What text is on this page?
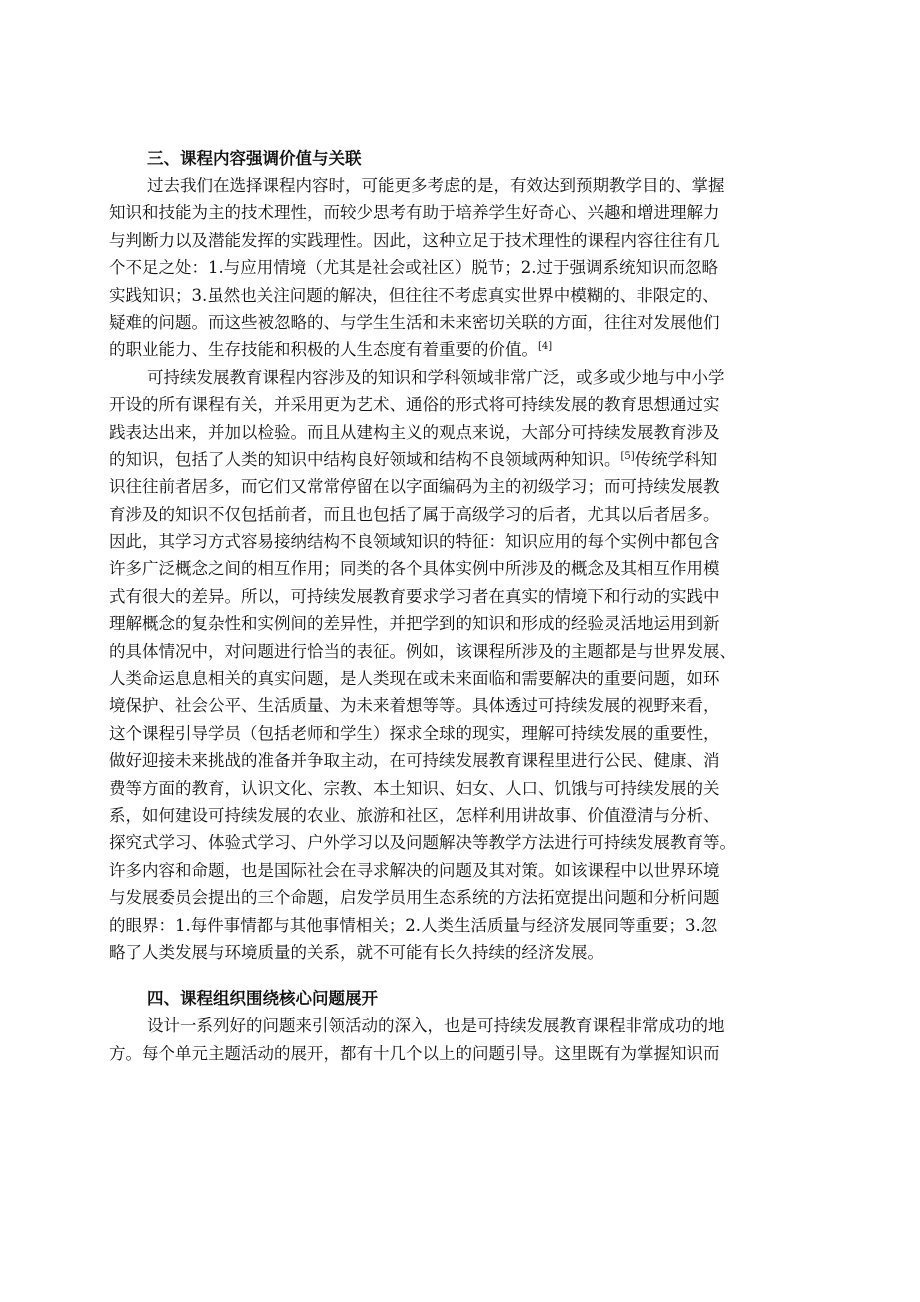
三、课程内容强调价值与关联

过去我们在选择课程内容时，可能更多考虑的是，有效达到预期教学目的、掌握
知识和技能为主的技术理性，而较少思考有助于培养学生好奇心、兴趣和增进理解力
与判断力以及潜能发挥的实践理性。因此，这种立足于技术理性的课程内容往往有几
个不足之处：1.与应用情境（尤其是社会或社区）脱节；2.过于强调系统知识而忽略
实践知识；3.虽然也关注问题的解决，但往往不考虑真实世界中模糊的、非限定的、
疑难的问题。而这些被忽略的、与学生生活和未来密切关联的方面，往往对发展他们
的职业能力、生存技能和积极的人生态度有着重要的价值。[4]

可持续发展教育课程内容涉及的知识和学科领域非常广泛，或多或少地与中小学
开设的所有课程有关，并采用更为艺术、通俗的形式将可持续发展的教育思想通过实
践表达出来，并加以检验。而且从建构主义的观点来说，大部分可持续发展教育涉及
的知识，包括了人类的知识中结构良好领域和结构不良领域两种知识。[5]传统学科知
识往往前者居多，而它们又常常停留在以字面编码为主的初级学习；而可持续发展教
育涉及的知识不仅包括前者，而且也包括了属于高级学习的后者，尤其以后者居多。
因此，其学习方式容易接纳结构不良领域知识的特征：知识应用的每个实例中都包含
许多广泛概念之间的相互作用；同类的各个具体实例中所涉及的概念及其相互作用模
式有很大的差异。所以，可持续发展教育要求学习者在真实的情境下和行动的实践中
理解概念的复杂性和实例间的差异性，并把学到的知识和形成的经验灵活地运用到新
的具体情况中，对问题进行恰当的表征。例如，该课程所涉及的主题都是与世界发展、
人类命运息息相关的真实问题，是人类现在或未来面临和需要解决的重要问题，如环
境保护、社会公平、生活质量、为未来着想等等。具体透过可持续发展的视野来看，
这个课程引导学员（包括老师和学生）探求全球的现实，理解可持续发展的重要性，
做好迎接未来挑战的准备并争取主动，在可持续发展教育课程里进行公民、健康、消
费等方面的教育，认识文化、宗教、本土知识、妇女、人口、饥饿与可持续发展的关
系，如何建设可持续发展的农业、旅游和社区，怎样利用讲故事、价值澄清与分析、
探究式学习、体验式学习、户外学习以及问题解决等教学方法进行可持续发展教育等。
许多内容和命题，也是国际社会在寻求解决的问题及其对策。如该课程中以世界环境
与发展委员会提出的三个命题，启发学员用生态系统的方法拓宽提出问题和分析问题
的眼界：1.每件事情都与其他事情相关；2.人类生活质量与经济发展同等重要；3.忽
略了人类发展与环境质量的关系，就不可能有长久持续的经济发展。

四、课程组织围绕核心问题展开

设计一系列好的问题来引领活动的深入，也是可持续发展教育课程非常成功的地
方。每个单元主题活动的展开，都有十几个以上的问题引导。这里既有为掌握知识而
